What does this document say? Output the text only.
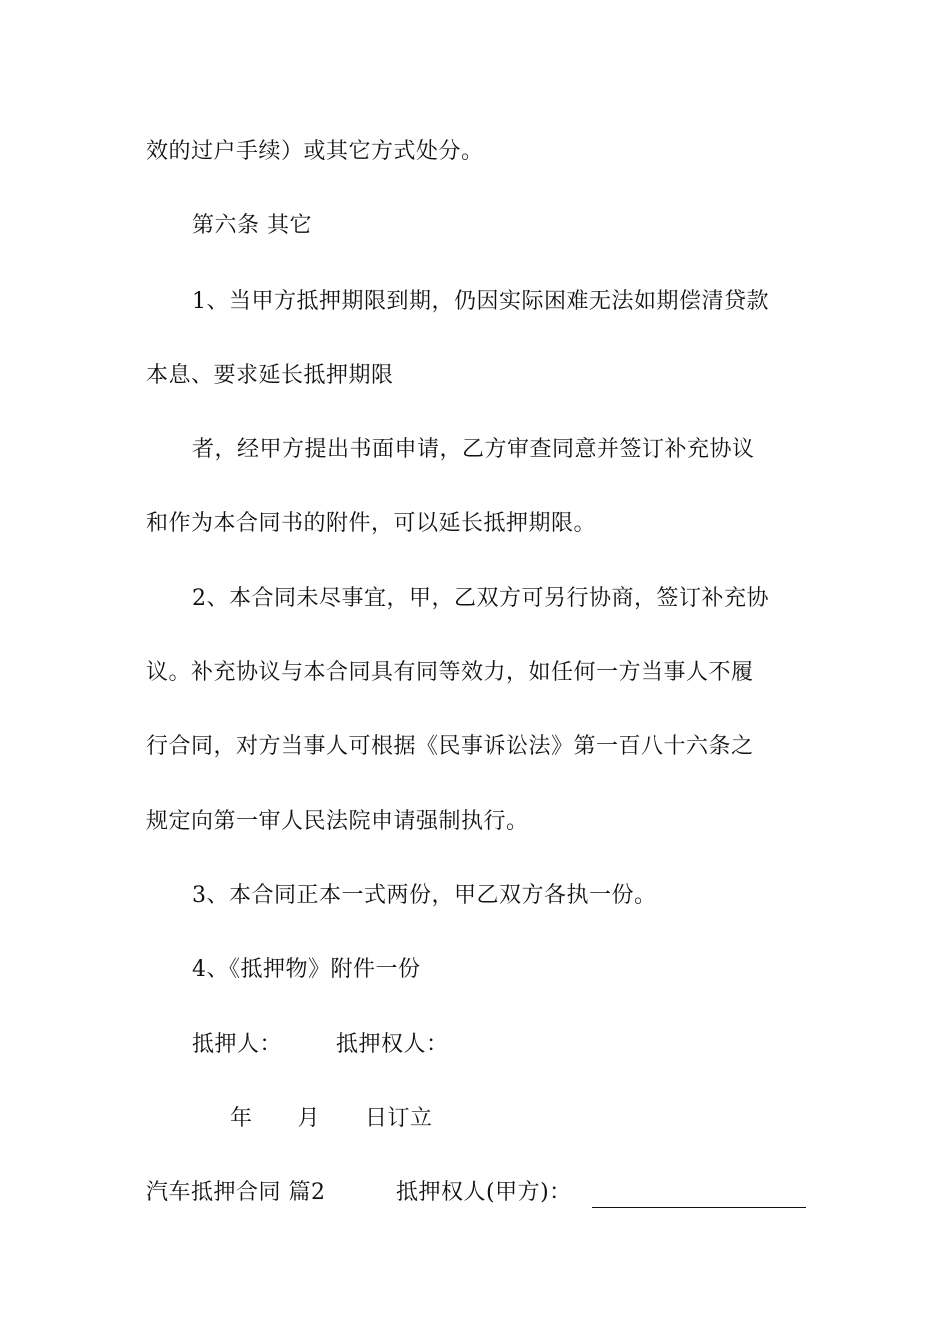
效的过户手续）或其它方式处分。
第六条 其它
1、当甲方抵押期限到期，仍因实际困难无法如期偿清贷款
本息、要求延长抵押期限
者，经甲方提出书面申请，乙方审查同意并签订补充协议
和作为本合同书的附件，可以延长抵押期限。
2、本合同未尽事宜，甲，乙双方可另行协商，签订补充协
议。补充协议与本合同具有同等效力，如任何一方当事人不履
行合同，对方当事人可根据《民事诉讼法》第一百八十六条之
规定向第一审人民法院申请强制执行。
3、本合同正本一式两份，甲乙双方各执一份。
4、《抵押物》附件一份
抵押人： 抵押权人：
年　　月　　日订立
汽车抵押合同 篇2	抵押权人(甲方)：
